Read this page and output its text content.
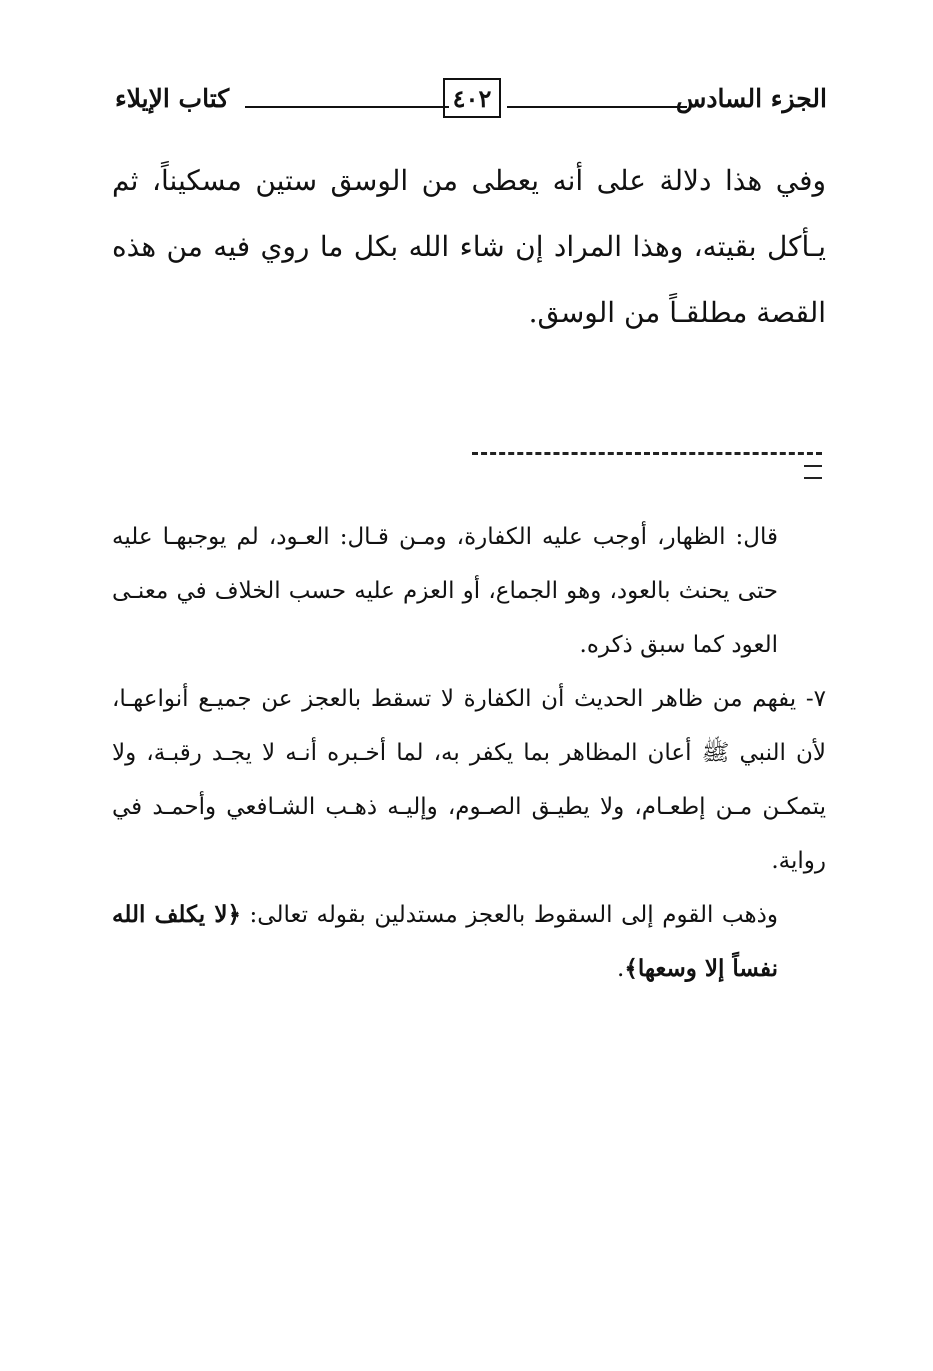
الجزء السادس
٤٠٢
كتاب الإيلاء
وفي هذا دلالة على أنه يعطى من الوسق ستين مسكيناً، ثم يـأكل بقيته، وهذا المراد إن شاء الله بكل ما روي فيه من هذه القصة مطلقـاً من الوسق.

قال: الظهار، أوجب عليه الكفارة، ومـن قـال: العـود، لم يوجبهـا عليه حتى يحنث بالعود، وهو الجماع، أو العزم عليه حسب الخلاف في معنـى العود كما سبق ذكره.

٧- يفهم من ظاهر الحديث أن الكفارة لا تسقط بالعجز عن جميـع أنواعهـا، لأن النبي ﷺ أعان المظاهر بما يكفر به، لما أخـبره أنـه لا يجـد رقبـة، ولا يتمكـن مـن إطعـام، ولا يطيـق الصـوم، وإليـه ذهـب الشـافعي وأحمـد في رواية.

وذهب القوم إلى السقوط بالعجز مستدلين بقوله تعالى: ﴿لا يكلف الله نفساً إلا وسعها﴾.
